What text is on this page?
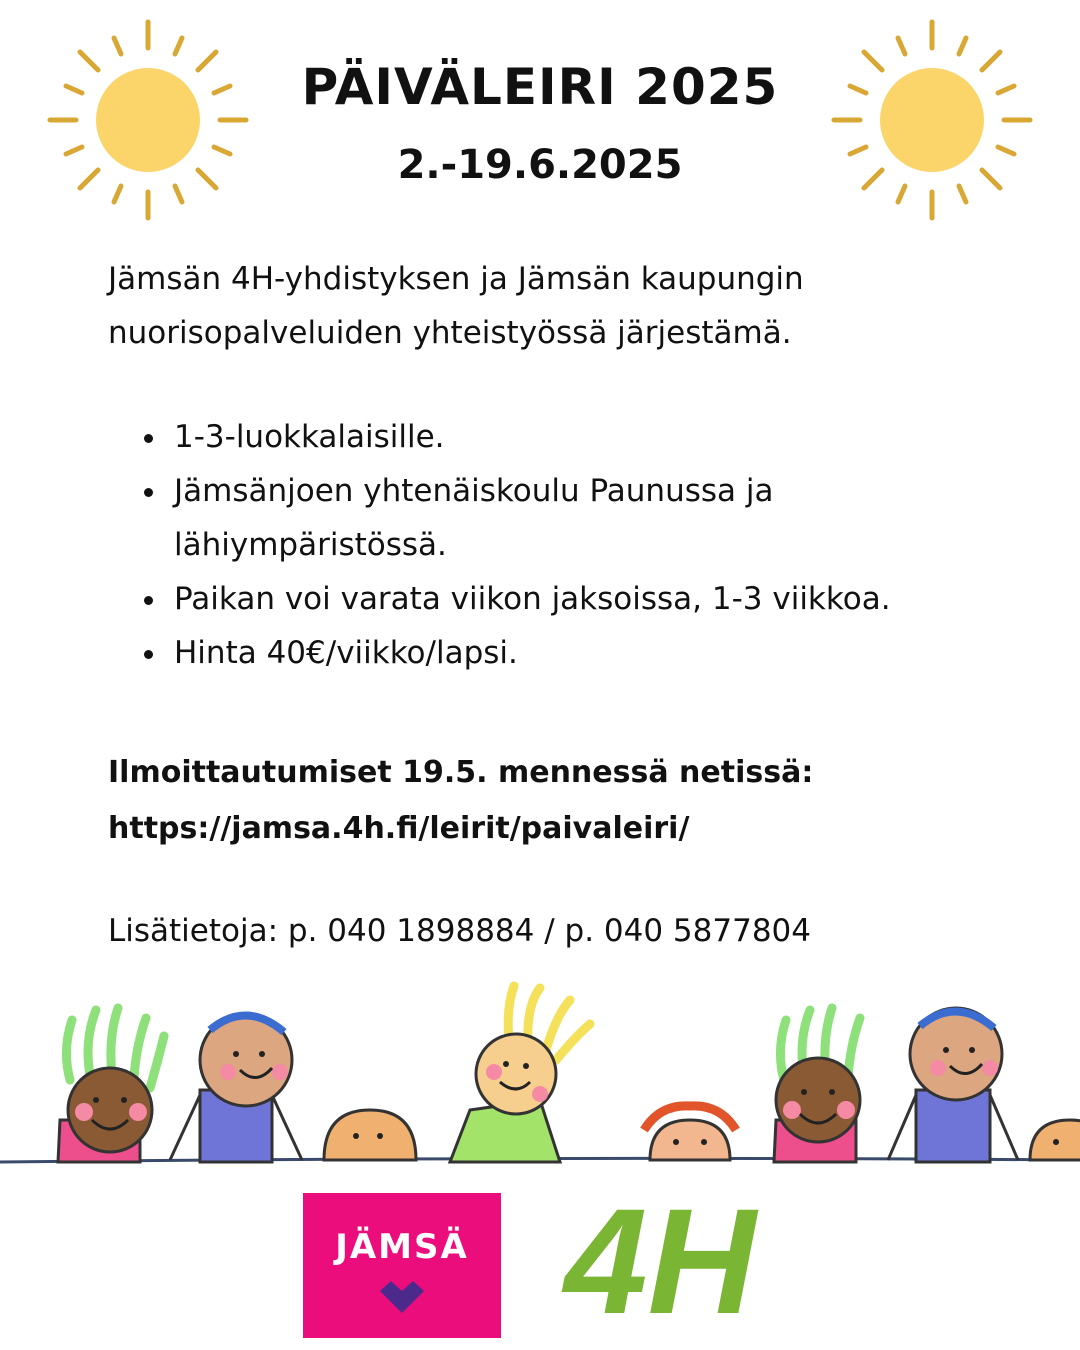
PÄIVÄLEIRI 2025
2.-19.6.2025

Jämsän 4H-yhdistyksen ja Jämsän kaupungin
nuorisopalveluiden yhteistyössä järjestämä.

1-3-luokkalaisille.
Jämsänjoen yhtenäiskoulu Paunussa ja lähiympäristössä.
Paikan voi varata viikon jaksoissa, 1-3 viikkoa.
Hinta 40€/viikko/lapsi.

Ilmoittautumiset 19.5. mennessä netissä:
https://jamsa.4h.fi/leirit/paivaleiri/

Lisätietoja: p. 040 1898884 / p. 040 5877804

JÄMSÄ 4H
